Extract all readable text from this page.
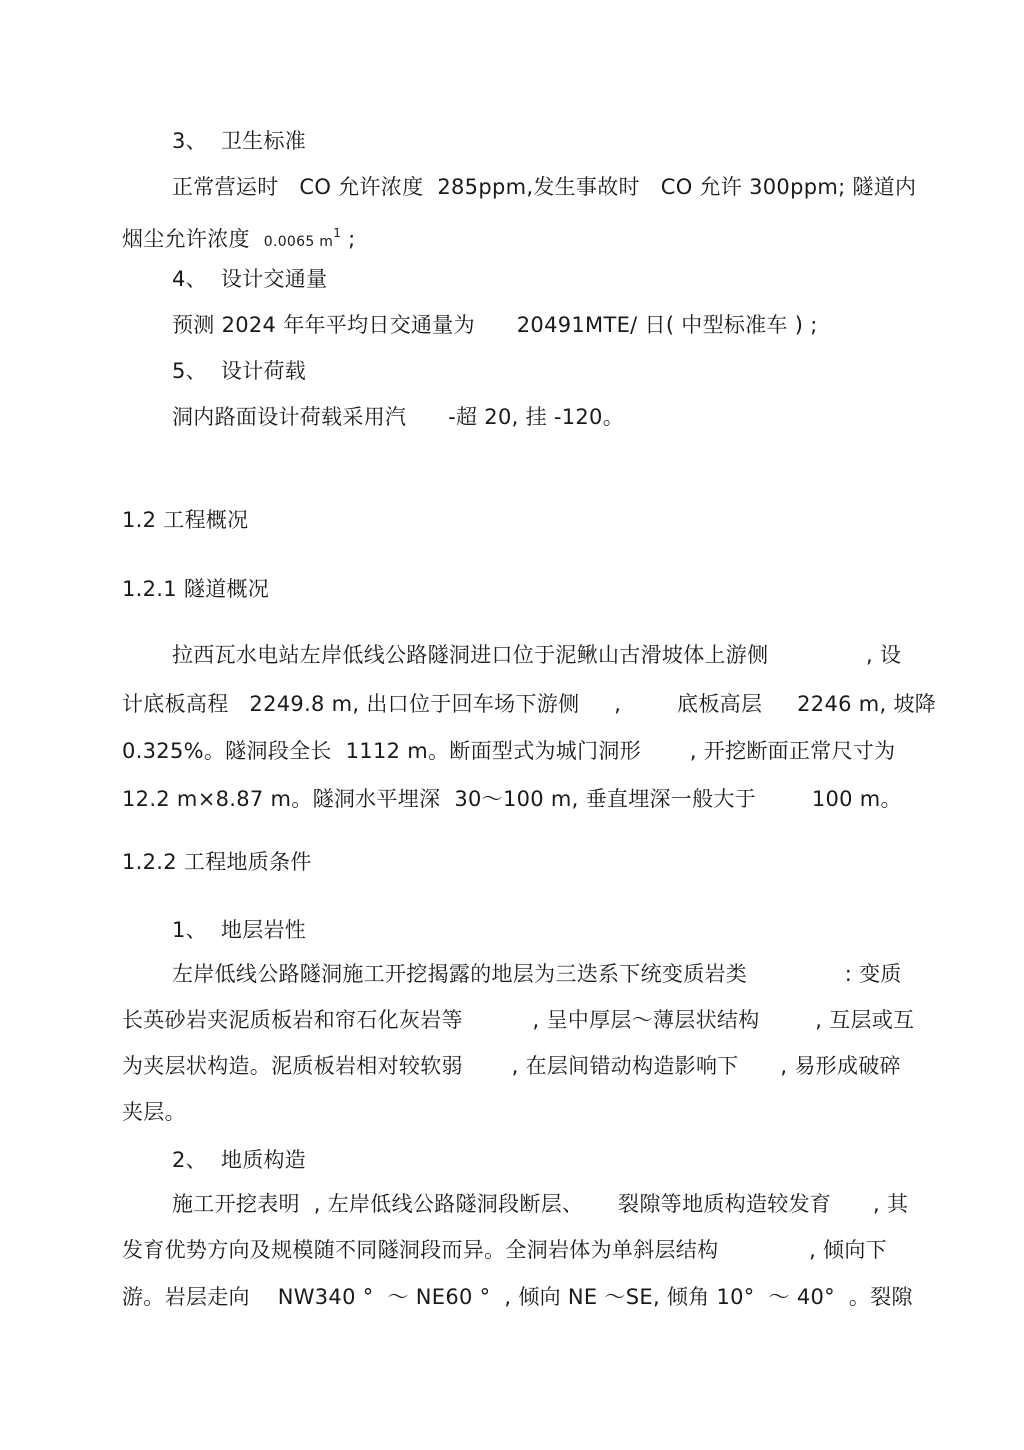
3、  卫生标准
正常营运时   CO 允许浓度  285ppm,发生事故时   CO 允许 300ppm; 隧道内
烟尘允许浓度  0.0065 $m^1$ ;
4、  设计交通量
预测 2024 年年平均日交通量为      20491MTE/ 日( 中型标准车 ) ;
5、  设计荷载
洞内路面设计荷载采用汽      -超 20, 挂 -120。
1.2 工程概况
1.2.1 隧道概况
拉西瓦水电站左岸低线公路隧洞进口位于泥鳅山古滑坡体上游侧              , 设
计底板高程   2249.8 m, 出口位于回车场下游侧     ,        底板高层     2246 m, 坡降
0.325%。隧洞段全长  1112 m。断面型式为城门洞形       , 开挖断面正常尺寸为
12.2 m×8.87 m。隧洞水平埋深  30～100 m, 垂直埋深一般大于        100 m。
1.2.2 工程地质条件
1、  地层岩性
左岸低线公路隧洞施工开挖揭露的地层为三迭系下统变质岩类              : 变质
长英砂岩夹泥质板岩和帘石化灰岩等          , 呈中厚层～薄层状结构        , 互层或互
为夹层状构造。泥质板岩相对较软弱       , 在层间错动构造影响下      , 易形成破碎
夹层。
2、  地质构造
施工开挖表明  , 左岸低线公路隧洞段断层、     裂隙等地质构造较发育      , 其
发育优势方向及规模随不同隧洞段而异。全洞岩体为单斜层结构             , 倾向下
游。岩层走向    NW340 °  ～ NE60 °  , 倾向 NE ～SE, 倾角 10°  ～ 40°  。裂隙
